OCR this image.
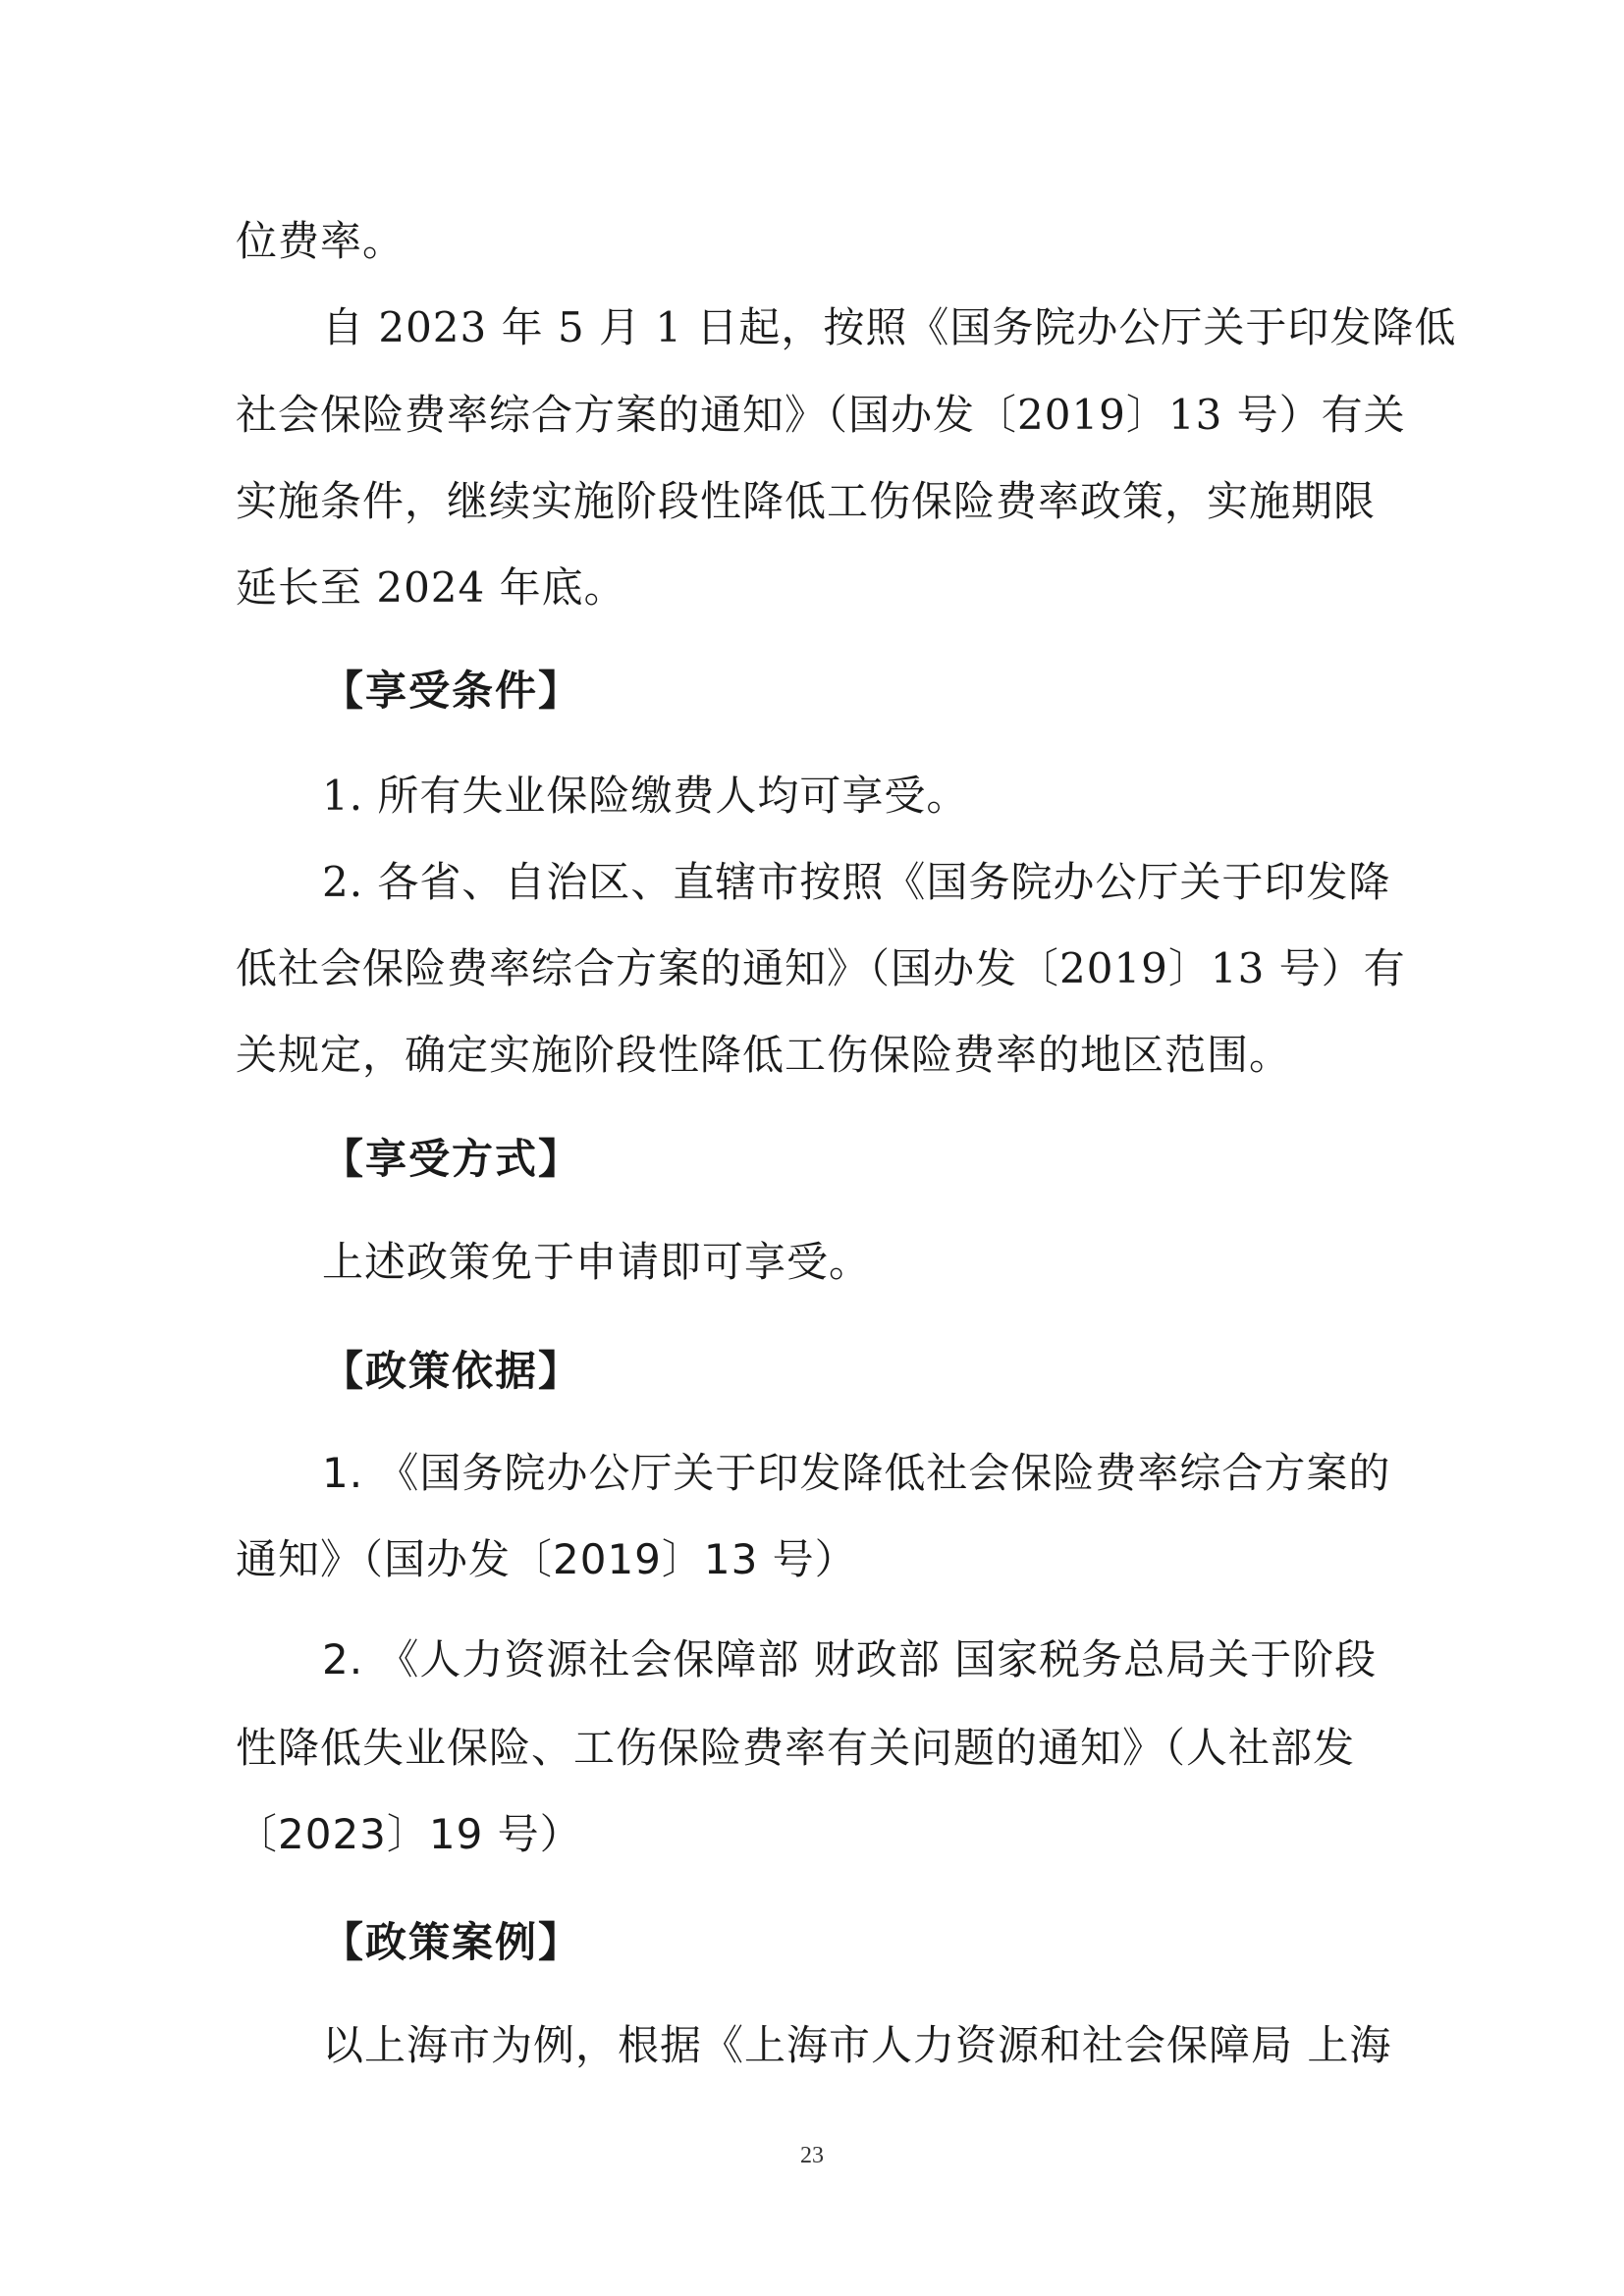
位费率。
自 2023 年 5 月 1 日起，按照《国务院办公厅关于印发降低
社会保险费率综合方案的通知》（国办发〔2019〕13 号）有关
实施条件，继续实施阶段性降低工伤保险费率政策，实施期限
延长至 2024 年底。
【享受条件】
1. 所有失业保险缴费人均可享受。
2. 各省、自治区、直辖市按照《国务院办公厅关于印发降
低社会保险费率综合方案的通知》（国办发〔2019〕13 号）有
关规定，确定实施阶段性降低工伤保险费率的地区范围。
【享受方式】
上述政策免于申请即可享受。
【政策依据】
1. 《国务院办公厅关于印发降低社会保险费率综合方案的
通知》（国办发〔2019〕13 号）
2. 《人力资源社会保障部 财政部 国家税务总局关于阶段
性降低失业保险、工伤保险费率有关问题的通知》（人社部发
〔2023〕19 号）
【政策案例】
以上海市为例，根据《上海市人力资源和社会保障局 上海
23
